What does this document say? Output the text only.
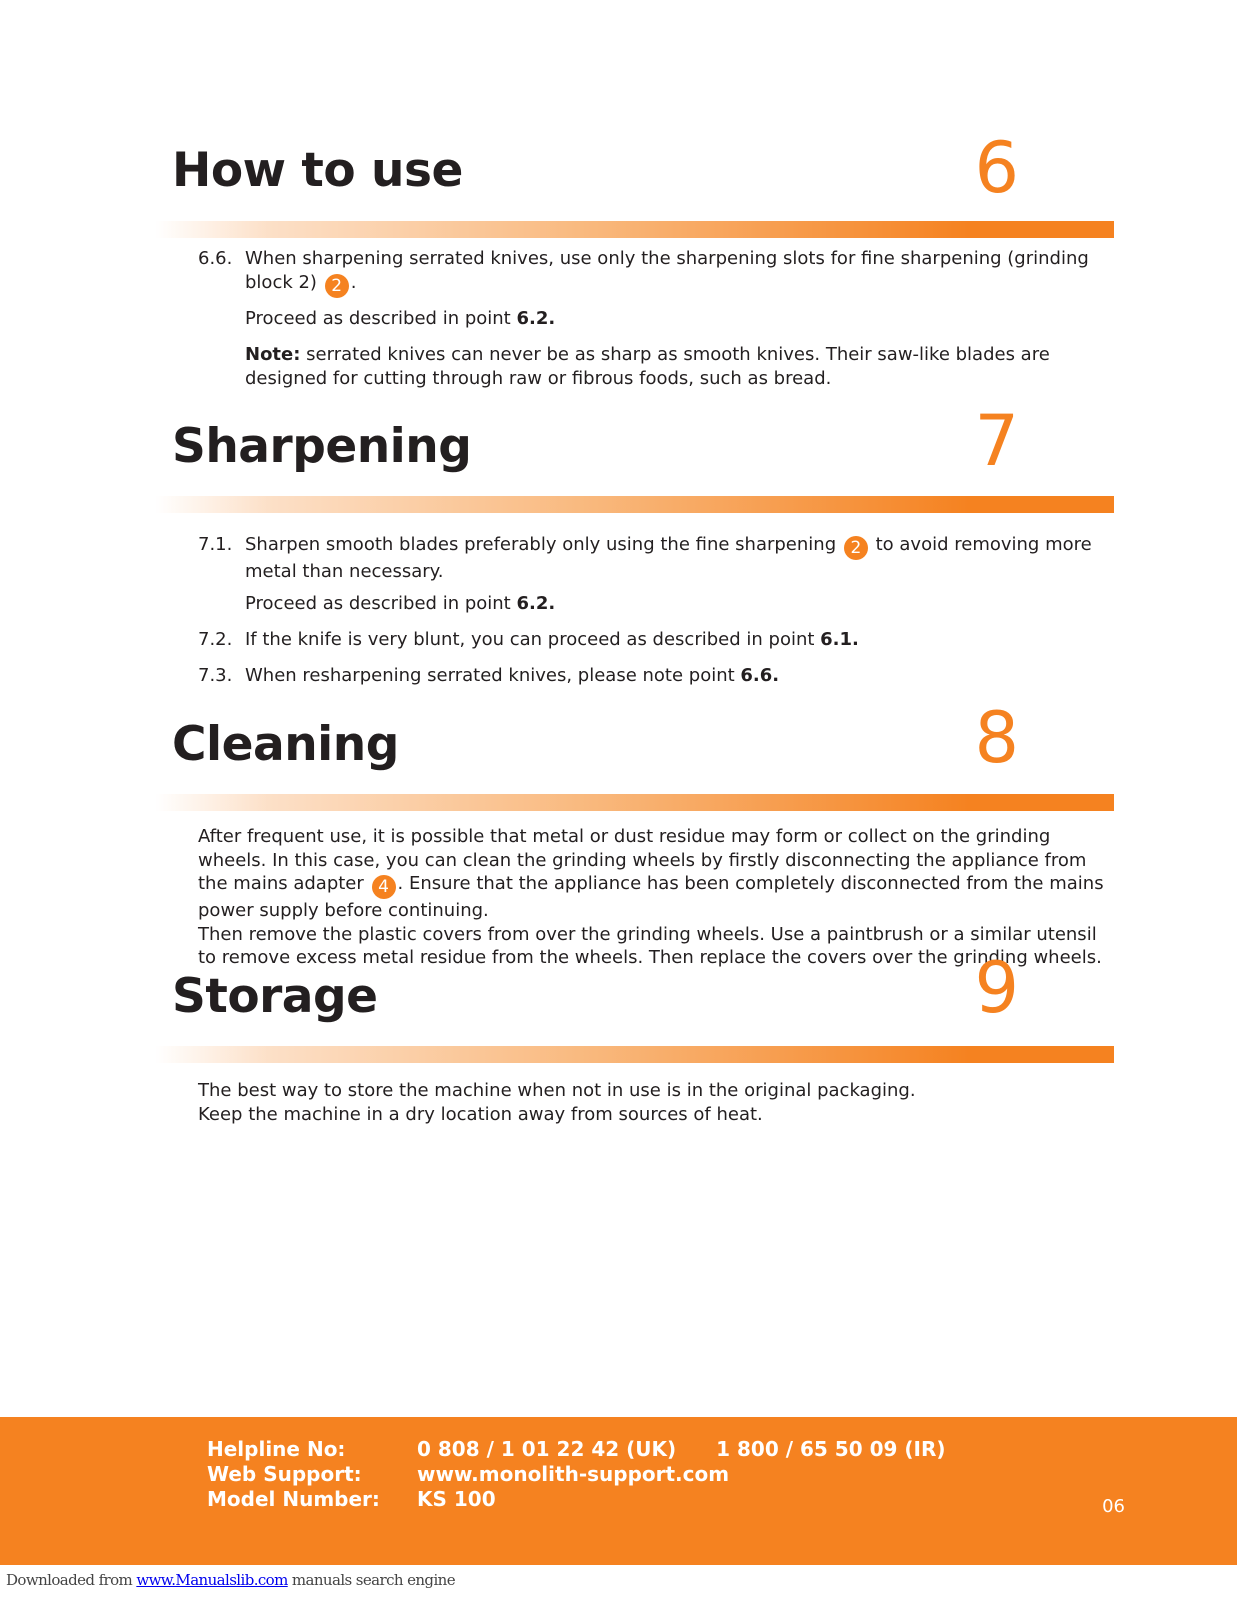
How to use	6
6.6. When sharpening serrated knives, use only the sharpening slots for fine sharpening (grinding block 2) 2 .
Proceed as described in point 6.2.
Note: serrated knives can never be as sharp as smooth knives. Their saw-like blades are designed for cutting through raw or fibrous foods, such as bread.
Sharpening	7
7.1. Sharpen smooth blades preferably only using the fine sharpening 2 to avoid removing more metal than necessary.
Proceed as described in point 6.2.
7.2. If the knife is very blunt, you can proceed as described in point 6.1.
7.3. When resharpening serrated knives, please note point 6.6.
Cleaning	8
After frequent use, it is possible that metal or dust residue may form or collect on the grinding wheels. In this case, you can clean the grinding wheels by firstly disconnecting the appliance from the mains adapter 4 . Ensure that the appliance has been completely disconnected from the mains power supply before continuing.
Then remove the plastic covers from over the grinding wheels. Use a paintbrush or a similar utensil to remove excess metal residue from the wheels. Then replace the covers over the grinding wheels.
Storage	9
The best way to store the machine when not in use is in the original packaging.
Keep the machine in a dry location away from sources of heat.
Helpline No:	0 808 / 1 01 22 42 (UK) 1 800 / 65 50 09 (IR)
Web Support:	www.monolith-support.com
Model Number: KS 100	06
Downloaded from www.Manualslib.com manuals search engine
